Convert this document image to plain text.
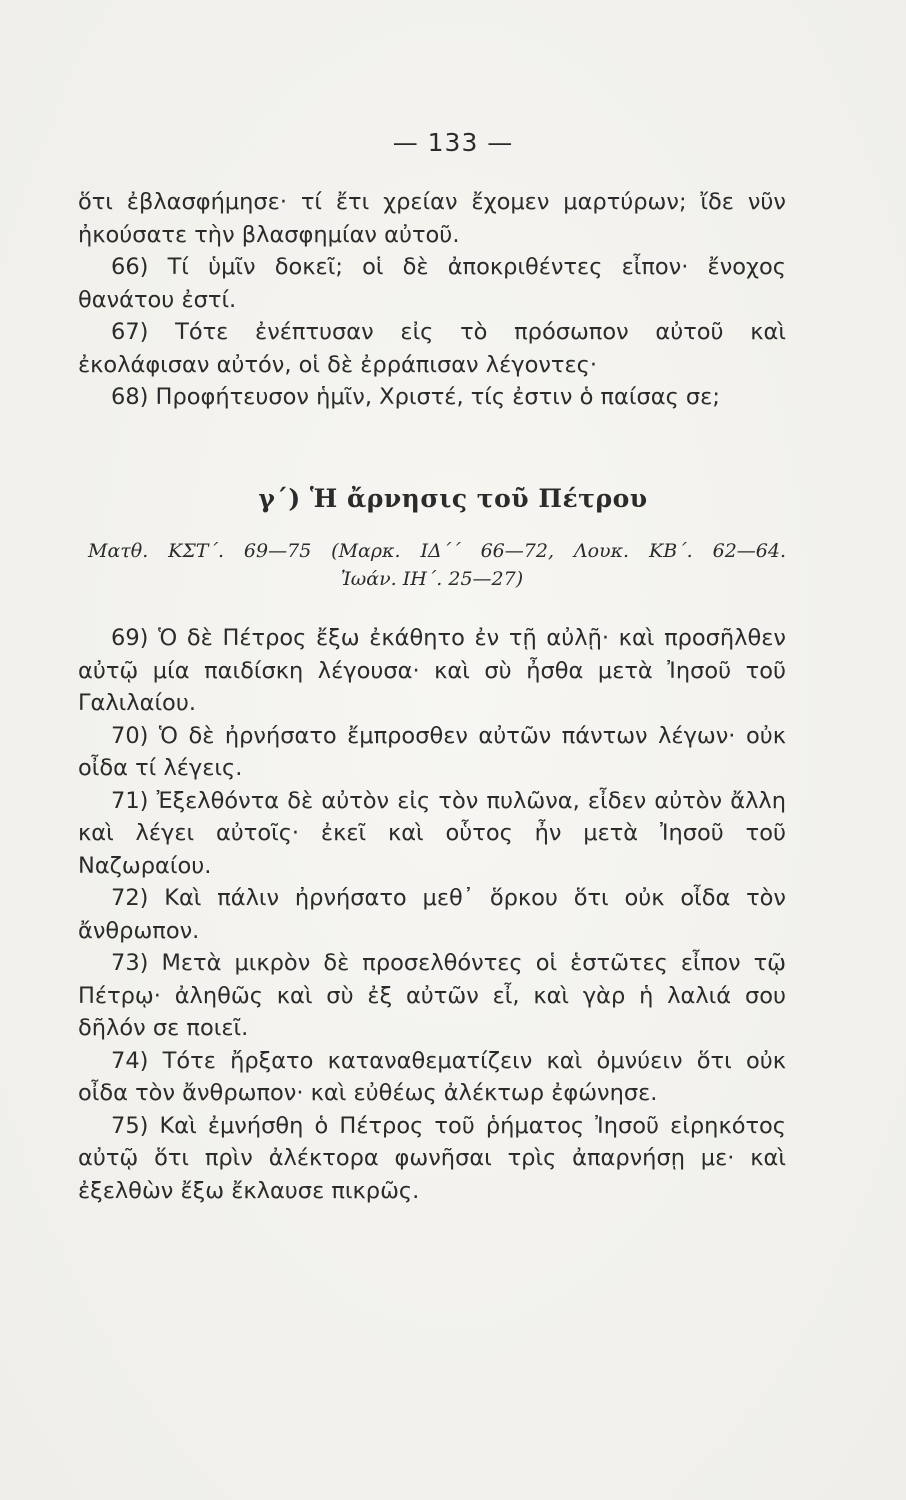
— 133 —

ὅτι ἐβλασφήμησε· τί ἔτι χρείαν ἔχομεν μαρτύρων; ἴδε νῦν ἠκούσατε τὴν βλασφημίαν αὐτοῦ.

66) Τί ὑμῖν δοκεῖ; οἱ δὲ ἀποκριθέντες εἶπον· ἔνοχος θανάτου ἐστί.

67) Τότε ἐνέπτυσαν εἰς τὸ πρόσωπον αὐτοῦ καὶ ἐκολάφισαν αὐτόν, οἱ δὲ ἐρράπισαν λέγοντες·

68) Προφήτευσον ἡμῖν, Χριστέ, τίς ἐστιν ὁ παίσας σε;

γ΄) Ἡ ἄρνησις τοῦ Πέτρου
Ματθ. ΚΣΤ΄. 69—75 (Μαρκ. ΙΔ΄΄ 66—72, Λουκ. ΚΒ΄. 62—64.
Ἰωάν. ΙΗ΄. 25—27)

69) Ὁ δὲ Πέτρος ἔξω ἐκάθητο ἐν τῇ αὐλῇ· καὶ προσῆλθεν αὐτῷ μία παιδίσκη λέγουσα· καὶ σὺ ἦσθα μετὰ Ἰησοῦ τοῦ Γαλιλαίου.

70) Ὁ δὲ ἠρνήσατο ἔμπροσθεν αὐτῶν πάντων λέγων· οὐκ οἶδα τί λέγεις.

71) Ἐξελθόντα δὲ αὐτὸν εἰς τὸν πυλῶνα, εἶδεν αὐτὸν ἄλλη καὶ λέγει αὐτοῖς· ἐκεῖ καὶ οὗτος ἦν μετὰ Ἰησοῦ τοῦ Ναζωραίου.

72) Καὶ πάλιν ἠρνήσατο μεθ᾽ ὅρκου ὅτι οὐκ οἶδα τὸν ἄνθρωπον.

73) Μετὰ μικρὸν δὲ προσελθόντες οἱ ἑστῶτες εἶπον τῷ Πέτρῳ· ἀληθῶς καὶ σὺ ἐξ αὐτῶν εἶ, καὶ γὰρ ἡ λαλιά σου δῆλόν σε ποιεῖ.

74) Τότε ἤρξατο καταναθεματίζειν καὶ ὀμνύειν ὅτι οὐκ οἶδα τὸν ἄνθρωπον· καὶ εὐθέως ἀλέκτωρ ἐφώνησε.

75) Καὶ ἐμνήσθη ὁ Πέτρος τοῦ ῥήματος Ἰησοῦ εἰρηκότος αὐτῷ ὅτι πρὶν ἀλέκτορα φωνῆσαι τρὶς ἀπαρνήσῃ με· καὶ ἐξελθὼν ἔξω ἔκλαυσε πικρῶς.
